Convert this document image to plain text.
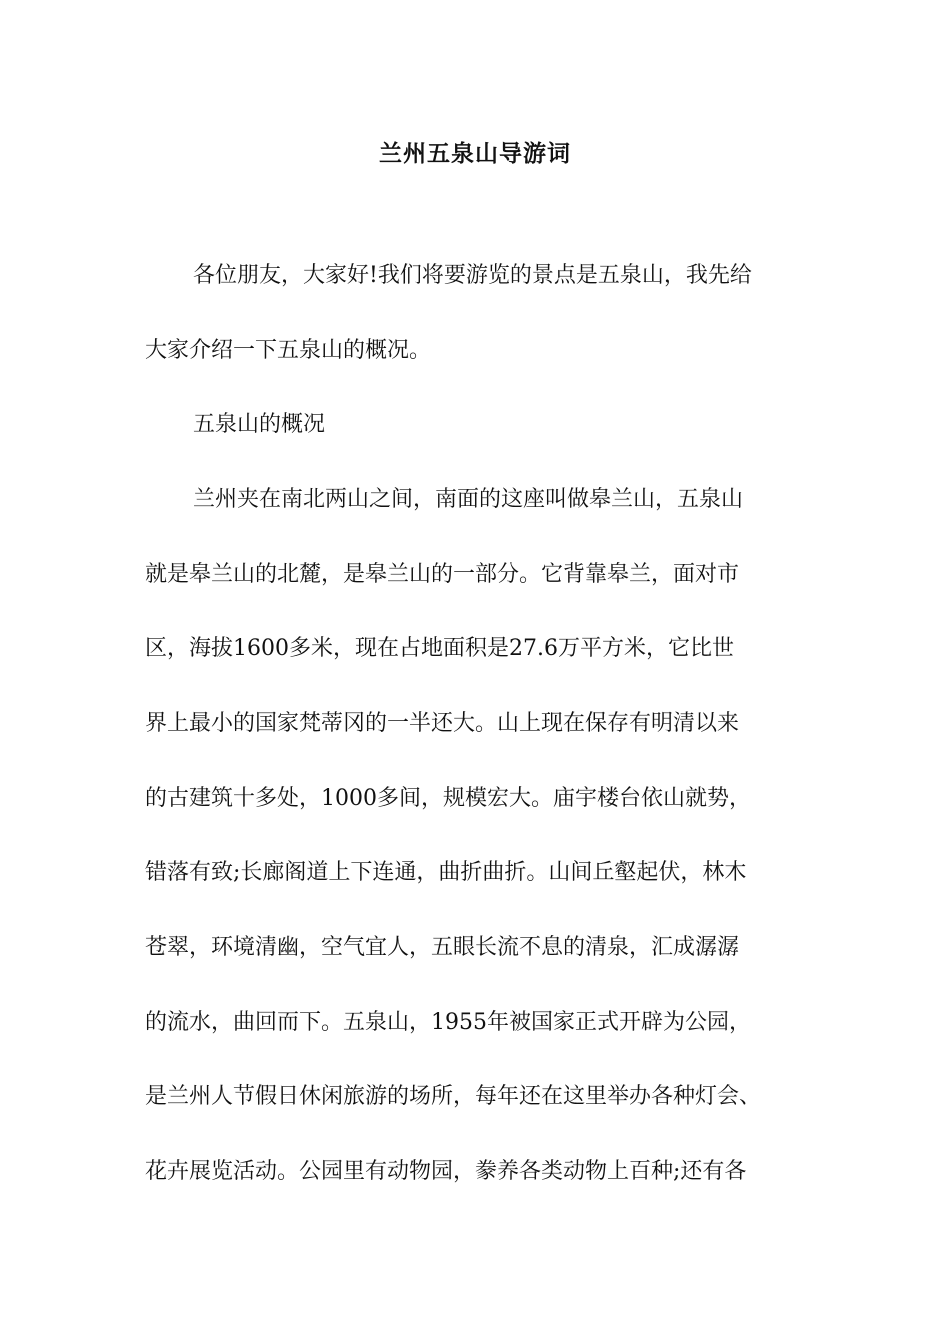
兰州五泉山导游词
各位朋友，大家好!我们将要游览的景点是五泉山，我先给
大家介绍一下五泉山的概况。
五泉山的概况
兰州夹在南北两山之间，南面的这座叫做皋兰山，五泉山
就是皋兰山的北麓，是皋兰山的一部分。它背靠皋兰，面对市
区，海拔1600多米，现在占地面积是27.6万平方米，它比世
界上最小的国家梵蒂冈的一半还大。山上现在保存有明清以来
的古建筑十多处，1000多间，规模宏大。庙宇楼台依山就势，
错落有致;长廊阁道上下连通，曲折曲折。山间丘壑起伏，林木
苍翠，环境清幽，空气宜人，五眼长流不息的清泉，汇成潺潺
的流水，曲回而下。五泉山，1955年被国家正式开辟为公园，
是兰州人节假日休闲旅游的场所，每年还在这里举办各种灯会、
花卉展览活动。公园里有动物园，豢养各类动物上百种;还有各
